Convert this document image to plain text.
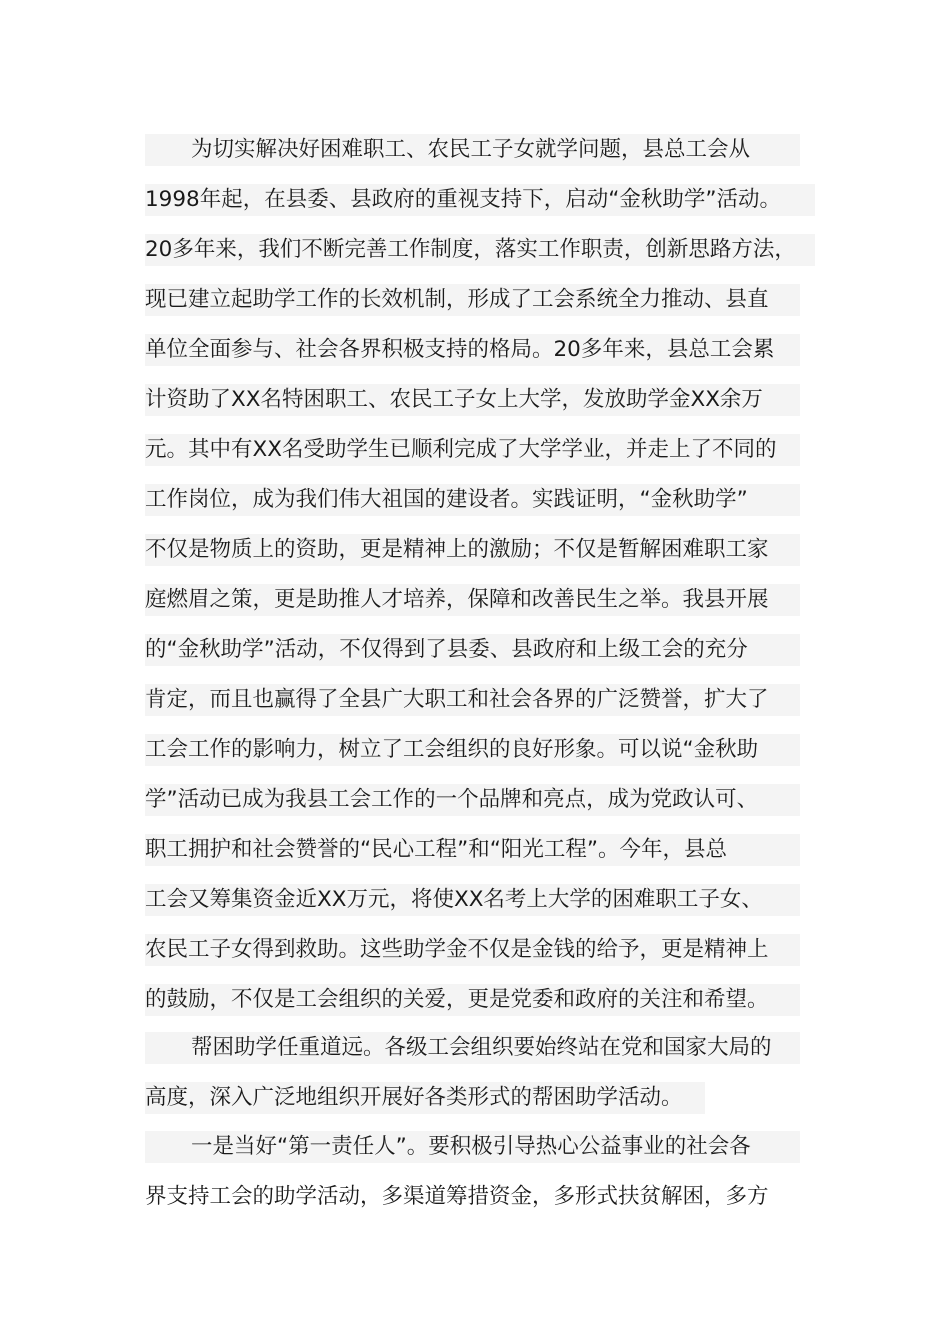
为切实解决好困难职工、农民工子女就学问题，县总工会从
1998年起，在县委、县政府的重视支持下，启动“金秋助学”活动。
20多年来，我们不断完善工作制度，落实工作职责，创新思路方法，
现已建立起助学工作的长效机制，形成了工会系统全力推动、县直
单位全面参与、社会各界积极支持的格局。20多年来，县总工会累
计资助了XX名特困职工、农民工子女上大学，发放助学金XX余万
元。其中有XX名受助学生已顺利完成了大学学业，并走上了不同的
工作岗位，成为我们伟大祖国的建设者。实践证明，“金秋助学”
不仅是物质上的资助，更是精神上的激励；不仅是暂解困难职工家
庭燃眉之策，更是助推人才培养，保障和改善民生之举。我县开展
的“金秋助学”活动，不仅得到了县委、县政府和上级工会的充分
肯定，而且也赢得了全县广大职工和社会各界的广泛赞誉，扩大了
工会工作的影响力，树立了工会组织的良好形象。可以说“金秋助
学”活动已成为我县工会工作的一个品牌和亮点，成为党政认可、
职工拥护和社会赞誉的“民心工程”和“阳光工程”。今年，县总
工会又筹集资金近XX万元，将使XX名考上大学的困难职工子女、
农民工子女得到救助。这些助学金不仅是金钱的给予，更是精神上
的鼓励，不仅是工会组织的关爱，更是党委和政府的关注和希望。
帮困助学任重道远。各级工会组织要始终站在党和国家大局的
高度，深入广泛地组织开展好各类形式的帮困助学活动。
一是当好“第一责任人”。要积极引导热心公益事业的社会各
界支持工会的助学活动，多渠道筹措资金，多形式扶贫解困，多方
